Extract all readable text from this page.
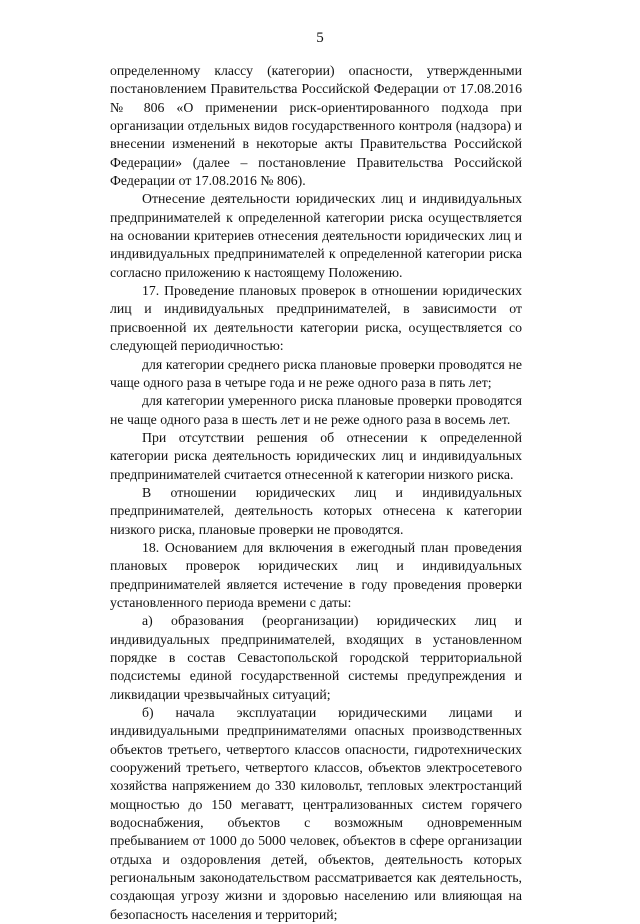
5

определенному классу (категории) опасности, утвержденными постановлением Правительства Российской Федерации от 17.08.2016 № 806 «О применении риск-ориентированного подхода при организации отдельных видов государственного контроля (надзора) и внесении изменений в некоторые акты Правительства Российской Федерации» (далее – постановление Правительства Российской Федерации от 17.08.2016 № 806).

Отнесение деятельности юридических лиц и индивидуальных предпринимателей к определенной категории риска осуществляется на основании критериев отнесения деятельности юридических лиц и индивидуальных предпринимателей к определенной категории риска согласно приложению к настоящему Положению.

17. Проведение плановых проверок в отношении юридических лиц и индивидуальных предпринимателей, в зависимости от присвоенной их деятельности категории риска, осуществляется со следующей периодичностью:

для категории среднего риска плановые проверки проводятся не чаще одного раза в четыре года и не реже одного раза в пять лет;

для категории умеренного риска плановые проверки проводятся не чаще одного раза в шесть лет и не реже одного раза в восемь лет.

При отсутствии решения об отнесении к определенной категории риска деятельность юридических лиц и индивидуальных предпринимателей считается отнесенной к категории низкого риска.

В отношении юридических лиц и индивидуальных предпринимателей, деятельность которых отнесена к категории низкого риска, плановые проверки не проводятся.

18. Основанием для включения в ежегодный план проведения плановых проверок юридических лиц и индивидуальных предпринимателей является истечение в году проведения проверки установленного периода времени с даты:

а) образования (реорганизации) юридических лиц и индивидуальных предпринимателей, входящих в установленном порядке в состав Севастопольской городской территориальной подсистемы единой государственной системы предупреждения и ликвидации чрезвычайных ситуаций;

б) начала эксплуатации юридическими лицами и индивидуальными предпринимателями опасных производственных объектов третьего, четвертого классов опасности, гидротехнических сооружений третьего, четвертого классов, объектов электросетевого хозяйства напряжением до 330 киловольт, тепловых электростанций мощностью до 150 мегаватт, централизованных систем горячего водоснабжения, объектов с возможным одновременным пребыванием от 1000 до 5000 человек, объектов в сфере организации отдыха и оздоровления детей, объектов, деятельность которых региональным законодательством рассматривается как деятельность, создающая угрозу жизни и здоровью населению или влияющая на безопасность населения и территорий;
